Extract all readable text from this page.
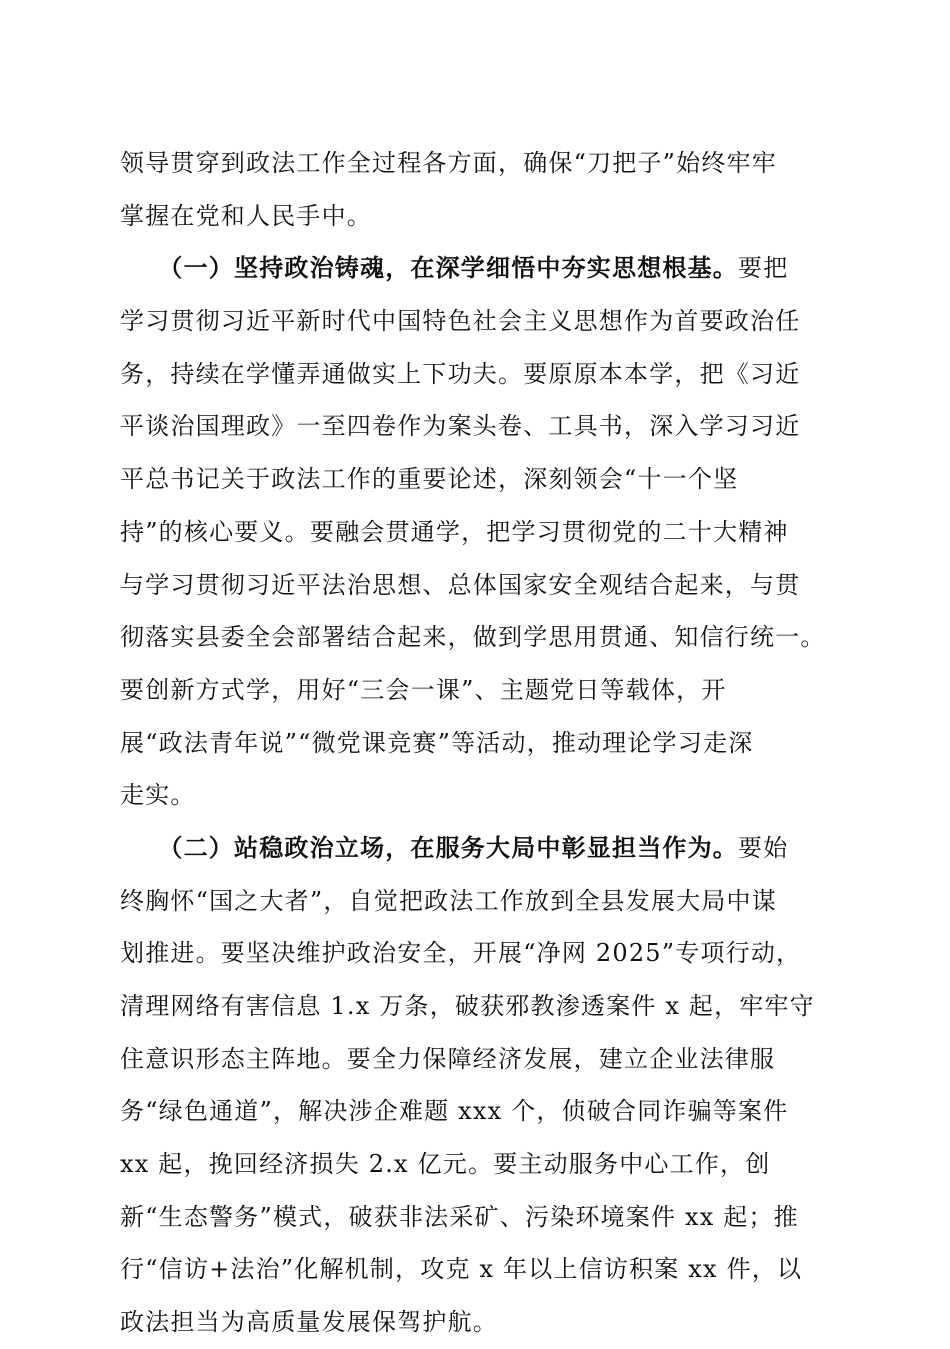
领导贯穿到政法工作全过程各方面，确保“刀把子”始终牢牢
掌握在党和人民手中。
　　（一）坚持政治铸魂，在深学细悟中夯实思想根基。要把
学习贯彻习近平新时代中国特色社会主义思想作为首要政治任
务，持续在学懂弄通做实上下功夫。要原原本本学，把《习近
平谈治国理政》一至四卷作为案头卷、工具书，深入学习习近
平总书记关于政法工作的重要论述，深刻领会“十一个坚
持”的核心要义。要融会贯通学，把学习贯彻党的二十大精神
与学习贯彻习近平法治思想、总体国家安全观结合起来，与贯
彻落实县委全会部署结合起来，做到学思用贯通、知信行统一。
要创新方式学，用好“三会一课”、主题党日等载体，开
展“政法青年说”“微党课竞赛”等活动，推动理论学习走深
走实。
　　（二）站稳政治立场，在服务大局中彰显担当作为。要始
终胸怀“国之大者”，自觉把政法工作放到全县发展大局中谋
划推进。要坚决维护政治安全，开展“净网 2025”专项行动，
清理网络有害信息 1.x 万条，破获邪教渗透案件 x 起，牢牢守
住意识形态主阵地。要全力保障经济发展，建立企业法律服
务“绿色通道”，解决涉企难题 xxx 个，侦破合同诈骗等案件
xx 起，挽回经济损失 2.x 亿元。要主动服务中心工作，创
新“生态警务”模式，破获非法采矿、污染环境案件 xx 起；推
行“信访+法治”化解机制，攻克 x 年以上信访积案 xx 件，以
政法担当为高质量发展保驾护航。
